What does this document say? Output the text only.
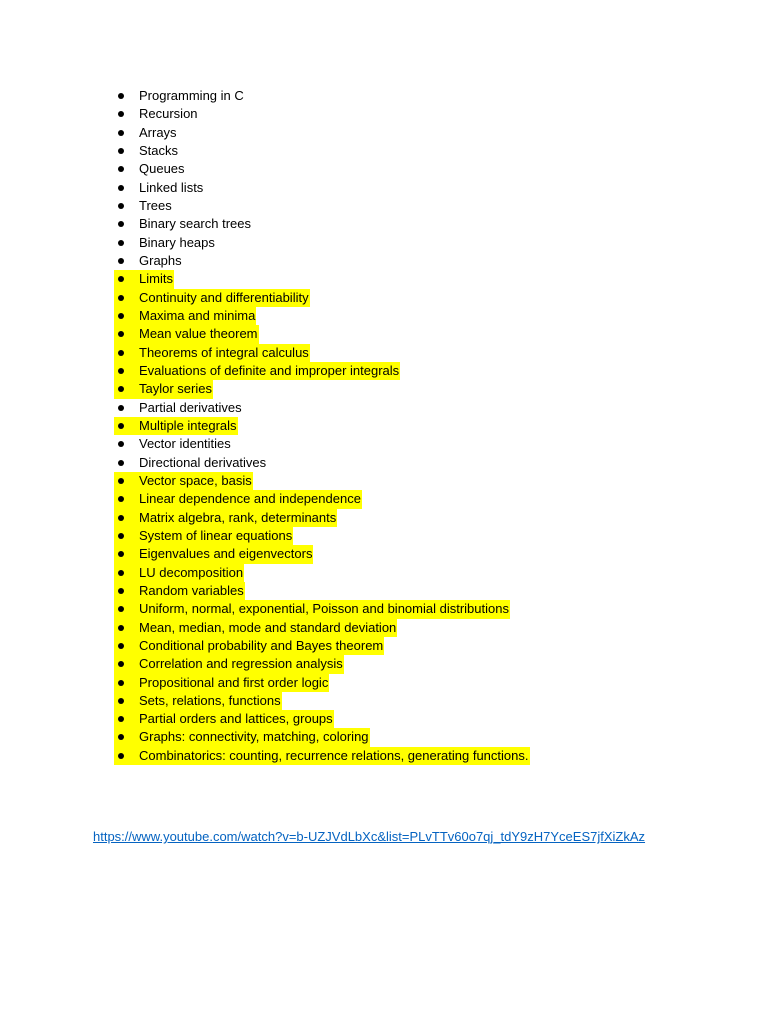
Programming in C
Recursion
Arrays
Stacks
Queues
Linked lists
Trees
Binary search trees
Binary heaps
Graphs
Limits
Continuity and differentiability
Maxima and minima
Mean value theorem
Theorems of integral calculus
Evaluations of definite and improper integrals
Taylor series
Partial derivatives
Multiple integrals
Vector identities
Directional derivatives
Vector space, basis
Linear dependence and independence
Matrix algebra, rank, determinants
System of linear equations
Eigenvalues and eigenvectors
LU decomposition
Random variables
Uniform, normal, exponential, Poisson and binomial distributions
Mean, median, mode and standard deviation
Conditional probability and Bayes theorem
Correlation and regression analysis
Propositional and first order logic
Sets, relations, functions
Partial orders and lattices, groups
Graphs: connectivity, matching, coloring
Combinatorics: counting, recurrence relations, generating functions.
https://www.youtube.com/watch?v=b-UZJVdLbXc&list=PLvTTv60o7qj_tdY9zH7YceES7jfXiZkAz
